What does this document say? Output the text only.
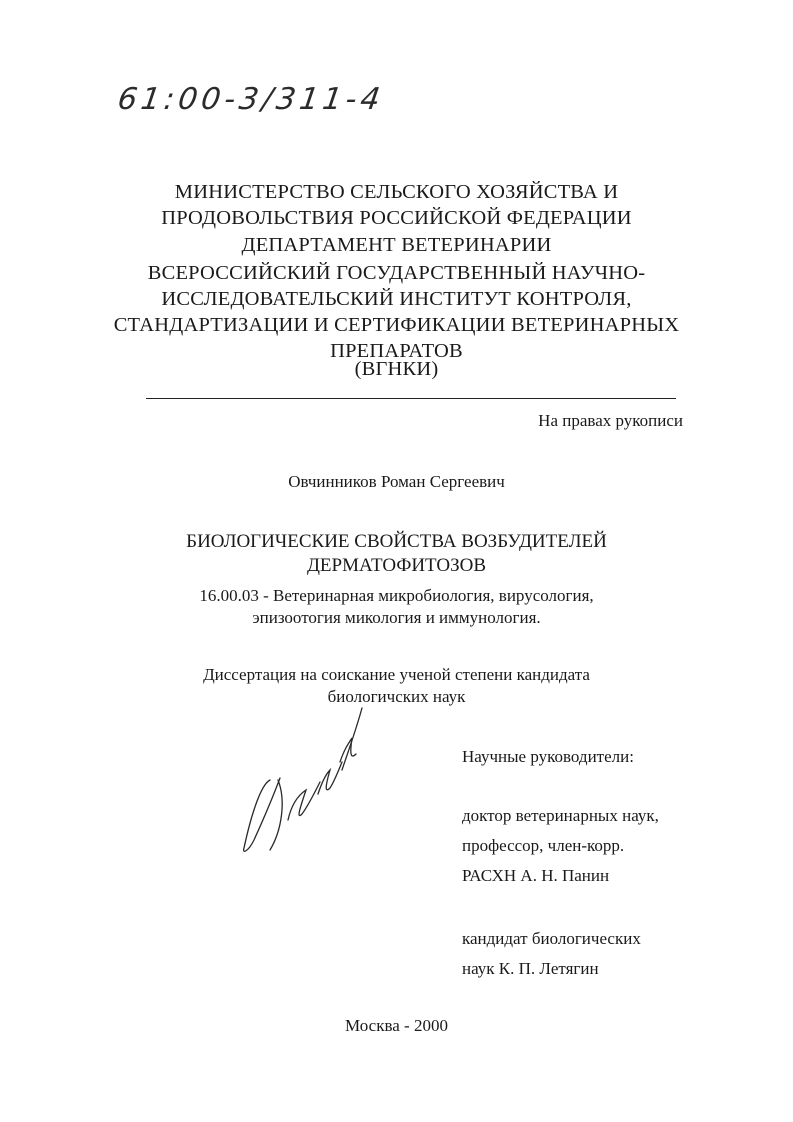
61:00-3/311-4
МИНИСТЕРСТВО СЕЛЬСКОГО ХОЗЯЙСТВА И
ПРОДОВОЛЬСТВИЯ РОССИЙСКОЙ ФЕДЕРАЦИИ
ДЕПАРТАМЕНТ ВЕТЕРИНАРИИ
ВСЕРОССИЙСКИЙ ГОСУДАРСТВЕННЫЙ НАУЧНО-
ИССЛЕДОВАТЕЛЬСКИЙ ИНСТИТУТ КОНТРОЛЯ,
СТАНДАРТИЗАЦИИ И СЕРТИФИКАЦИИ ВЕТЕРИНАРНЫХ
ПРЕПАРАТОВ
(ВГНКИ)
На правах рукописи
Овчинников Роман Сергеевич
БИОЛОГИЧЕСКИЕ СВОЙСТВА ВОЗБУДИТЕЛЕЙ
ДЕРМАТОФИТОЗОВ
16.00.03 - Ветеринарная микробиология, вирусология,
эпизоотогия микология и иммунология.
Диссертация на соискание ученой степени кандидата
биологичских наук
Научные руководители:
доктор ветеринарных наук,
профессор, член-корр.
РАСХН А. Н. Панин
кандидат биологических
наук К. П. Летягин
Москва - 2000
